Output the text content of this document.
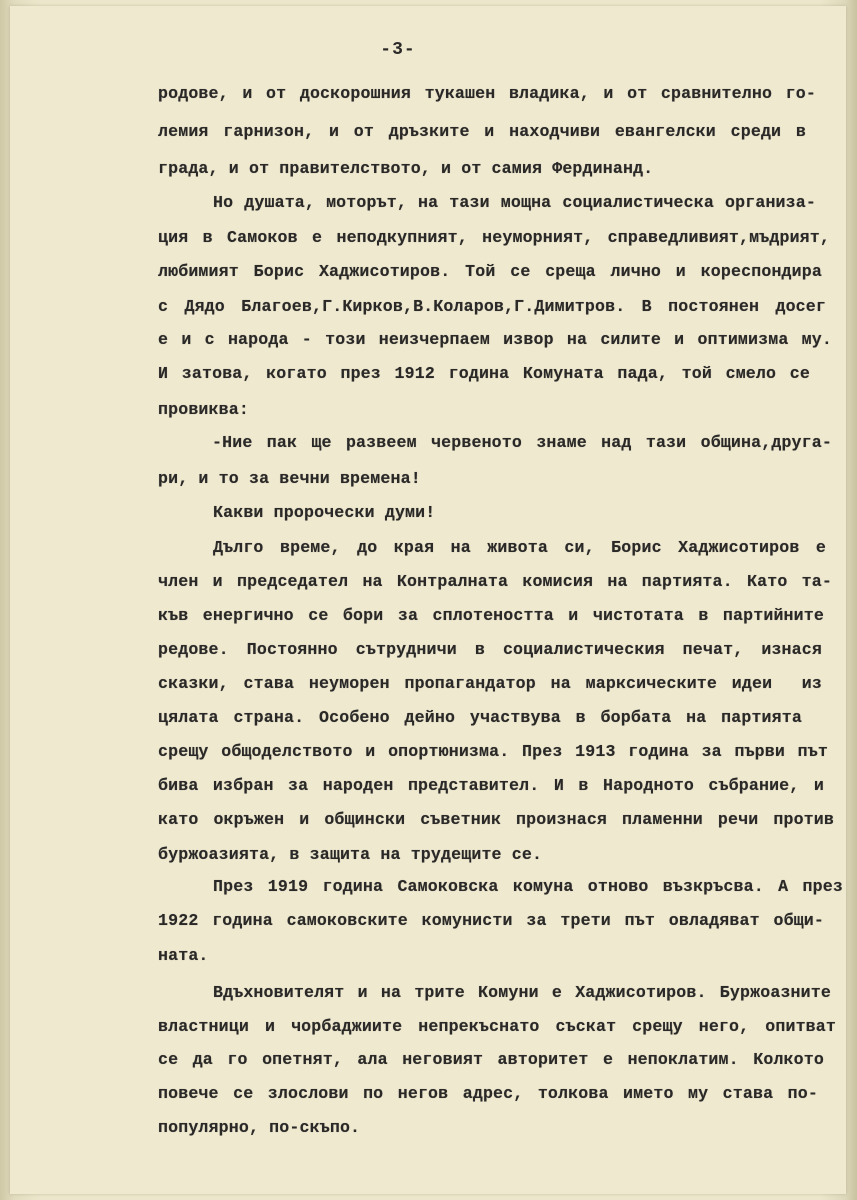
-3-
родове, и от доскорошния тукашен владика, и от сравнително го-
лемия гарнизон, и от дръзките и находчиви евангелски среди в
града, и от правителството, и от самия Фердинанд.
Но душата, моторът, на тази мощна социалистическа организа-
ция в Самоков е неподкупният, неуморният, справедливият,мъдрият,
любимият Борис Хаджисотиров. Той се среща лично и кореспондира
с Дядо Благоев,Г.Кирков,В.Коларов,Г.Димитров. В постоянен досег
е и с народа - този неизчерпаем извор на силите и оптимизма му.
И затова, когато през 1912 година Комуната пада, той смело се
провиква:
-Ние пак ще развеем червеното знаме над тази община,друга-
ри, и то за вечни времена!
Какви пророчески думи!
Дълго време, до края на живота си, Борис Хаджисотиров е
член и председател на Контралната комисия на партията. Като та-
къв енергично се бори за сплотеността и чистотата в партийните
редове. Постоянно сътрудничи в социалистическия печат, изнася
сказки, става неуморен пропагандатор на марксическите идеи  из
цялата страна. Особено дейно участвува в борбата на партията
срещу общоделството и опортюнизма. През 1913 година за първи път
бива избран за народен представител. И в Народното събрание, и
като окръжен и общински съветник произнася пламенни речи против
буржоазията, в защита на трудещите се.
През 1919 година Самоковска комуна отново възкръсва. А през
1922 година самоковските комунисти за трети път овладяват общи-
ната.
Вдъхновителят и на трите Комуни е Хаджисотиров. Буржоазните
властници и чорбаджиите непрекъснато съскат срещу него, опитват
се да го опетнят, ала неговият авторитет е непоклатим. Колкото
повече се злослови по негов адрес, толкова името му става по-
популярно, по-скъпо.
